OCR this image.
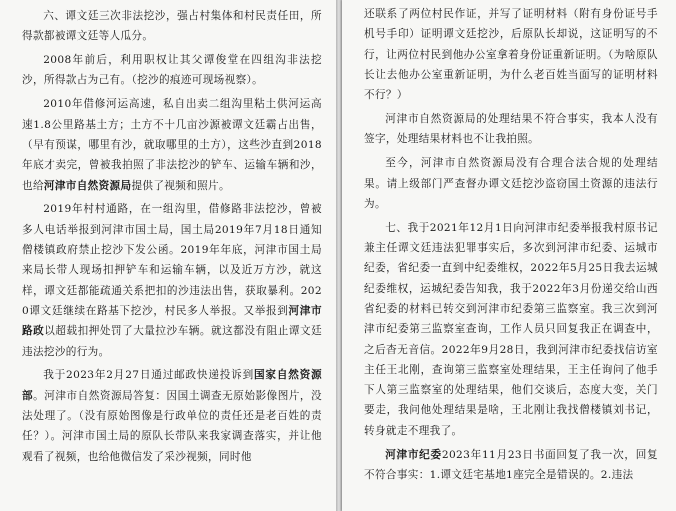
六、谭文廷三次非法挖沙，强占村集体和村民责任田，所得款都被谭文廷等人瓜分。

2008年前后，利用职权让其父谭俊堂在四组沟非法挖沙，所得款占为己有。（挖沙的痕迹可现场视察）。

2010年借修河运高速，私自出卖二组沟里粘土供河运高速1.8公里路基土方；土方不十几亩沙源被谭文廷霸占出售，（早有预谋，哪里有沙，就取哪里的土方），这些沙直到2018年底才卖完，曾被我拍照了非法挖沙的铲车、运输车辆和沙，也给河津市自然资源局提供了视频和照片。

2019年村村通路，在一组沟里，借修路非法挖沙，曾被多人电话举报到河津市国土局，国土局2019年7月18日通知僧楼镇政府禁止挖沙下发公函。2019年年底，河津市国土局来局长带人现场扣押铲车和运输车辆，以及近万方沙，就这样，谭文廷都能疏通关系把扣的沙违法出售，获取暴利。2020谭文廷继续在路基下挖沙，村民多人举报。又举报到河津市路政以超载扣押处罚了大量拉沙车辆。就这都没有阻止谭文廷违法挖沙的行为。

我于2023年2月27日通过邮政快递投诉到国家自然资源部。河津市自然资源局答复：因国土调查无原始影像图片，没法处理了。（没有原始图像是行政单位的责任还是老百姓的责任？）。河津市国土局的原队长带队来我家调查落实，并让他观看了视频，也给他微信发了采沙视频，同时他

还联系了两位村民作证，并写了证明材料（附有身份证号手机号手印）证明谭文廷挖沙，后原队长却说，这证明写的不行，让两位村民到他办公室拿着身份证重新证明。（为啥原队长让去他办公室重新证明，为什么老百姓当面写的证明材料不行？）

河津市自然资源局的处理结果不符合事实，我本人没有签字，处理结果材料也不让我拍照。

至今，河津市自然资源局没有合理合法合规的处理结果。请上级部门严查督办谭文廷挖沙盗窃国土资源的违法行为。

七、我于2021年12月1日向河津市纪委举报我村原书记兼主任谭文廷违法犯罪事实后，多次到河津市纪委、运城市纪委，省纪委一直到中纪委维权，2022年5月25日我去运城纪委维权，运城纪委告知我，我于2022年3月份递交给山西省纪委的材料已转交到河津市纪委第三监察室。我三次到河津市纪委第三监察室查询，工作人员只回复我正在调查中，之后杳无音信。2022年9月28日，我到河津市纪委找信访室主任王北刚，查询第三监察室处理结果，王主任询问了他手下人第三监察室的处理结果，他们交谈后，态度大变，关门要走，我问他处理结果是啥，王北刚让我找僧楼镇刘书记，转身就走不理我了。

河津市纪委2023年11月23日书面回复了我一次，回复不符合事实：1.谭文廷宅基地1座完全是错误的。2.违法
